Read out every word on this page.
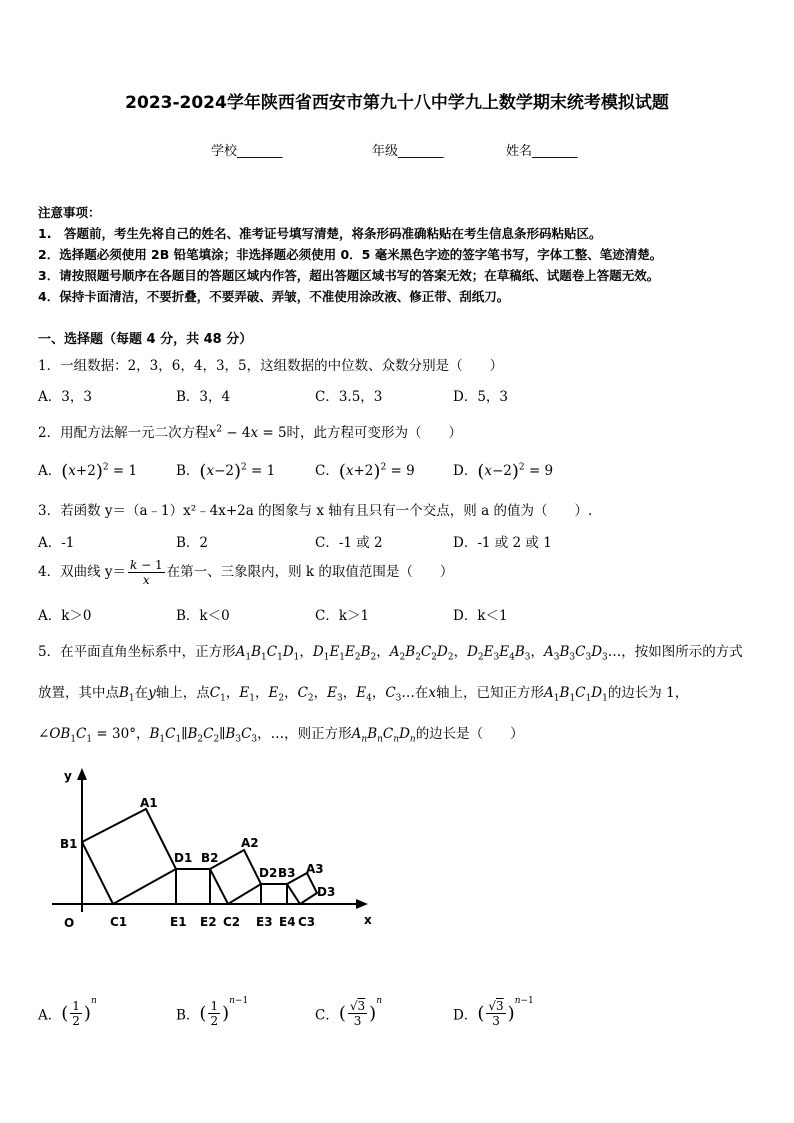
2023-2024学年陕西省西安市第九十八中学九上数学期末统考模拟试题
学校_______	年级_______	姓名_______
注意事项：
1.　答题前，考生先将自己的姓名、准考证号填写清楚，将条形码准确粘贴在考生信息条形码粘贴区。
2．选择题必须使用 2B 铅笔填涂；非选择题必须使用 0．5 毫米黑色字迹的签字笔书写，字体工整、笔迹清楚。
3．请按照题号顺序在各题目的答题区域内作答，超出答题区域书写的答案无效；在草稿纸、试题卷上答题无效。
4．保持卡面清洁，不要折叠，不要弄破、弄皱，不准使用涂改液、修正带、刮纸刀。
一、选择题（每题 4 分，共 48 分）
1．一组数据：2，3，6，4，3，5，这组数据的中位数、众数分别是（　　）
A．3，3	B．3，4	C．3.5，3	D．5，3
2．用配方法解一元二次方程$x^2 - 4x = 5$时，此方程可变形为（　　）
A．$(x+2)^2 = 1$	B．$(x-2)^2 = 1$	C．$(x+2)^2 = 9$	D．$(x-2)^2 = 9$
3．若函数 y＝（a﹣1）x²﹣4x+2a 的图象与 x 轴有且只有一个交点，则 a 的值为（　　）.
A．-1	B．2	C．-1 或 2	D．-1 或 2 或 1
4．双曲线 $y= \frac{k - 1}{x}$ 在第一、三象限内，则 k 的取值范围是（　　）
A．k＞0	B．k＜0	C．k＞1	D．k＜1
5．在平面直角坐标系中，正方形$A_1B_1C_1D_1$，$D_1E_1E_2B_2$，$A_2B_2C_2D_2$，$D_2E_3E_4B_3$，$A_3B_3C_3D_3\dots$，按如图所示的方式
放置，其中点$B_1$在y轴上，点$C_1$，$E_1$，$E_2$，$C_2$，$E_3$，$E_4$，$C_3\dots$在x轴上，已知正方形$A_1B_1C_1D_1$的边长为 1，
$\angle OB_1C_1 = 30^\circ$，$B_1C_1\parallel B_2C_2\parallel B_3C_3$，…，则正方形$A_nB_nC_nD_n$的边长是（　　）
y
x
O
A1
B1
C1
D1 B2
E1 E2
A2
C2
D2 B3
E3 E4
A3
D3
C3
A．( $\frac{1}{2} )^n$
B．( $\frac{1}{2} )^{n-1}$
C．( $\frac{√3}{3} )^n$
D．( $\frac{√3}{3} )^{n-1}$
